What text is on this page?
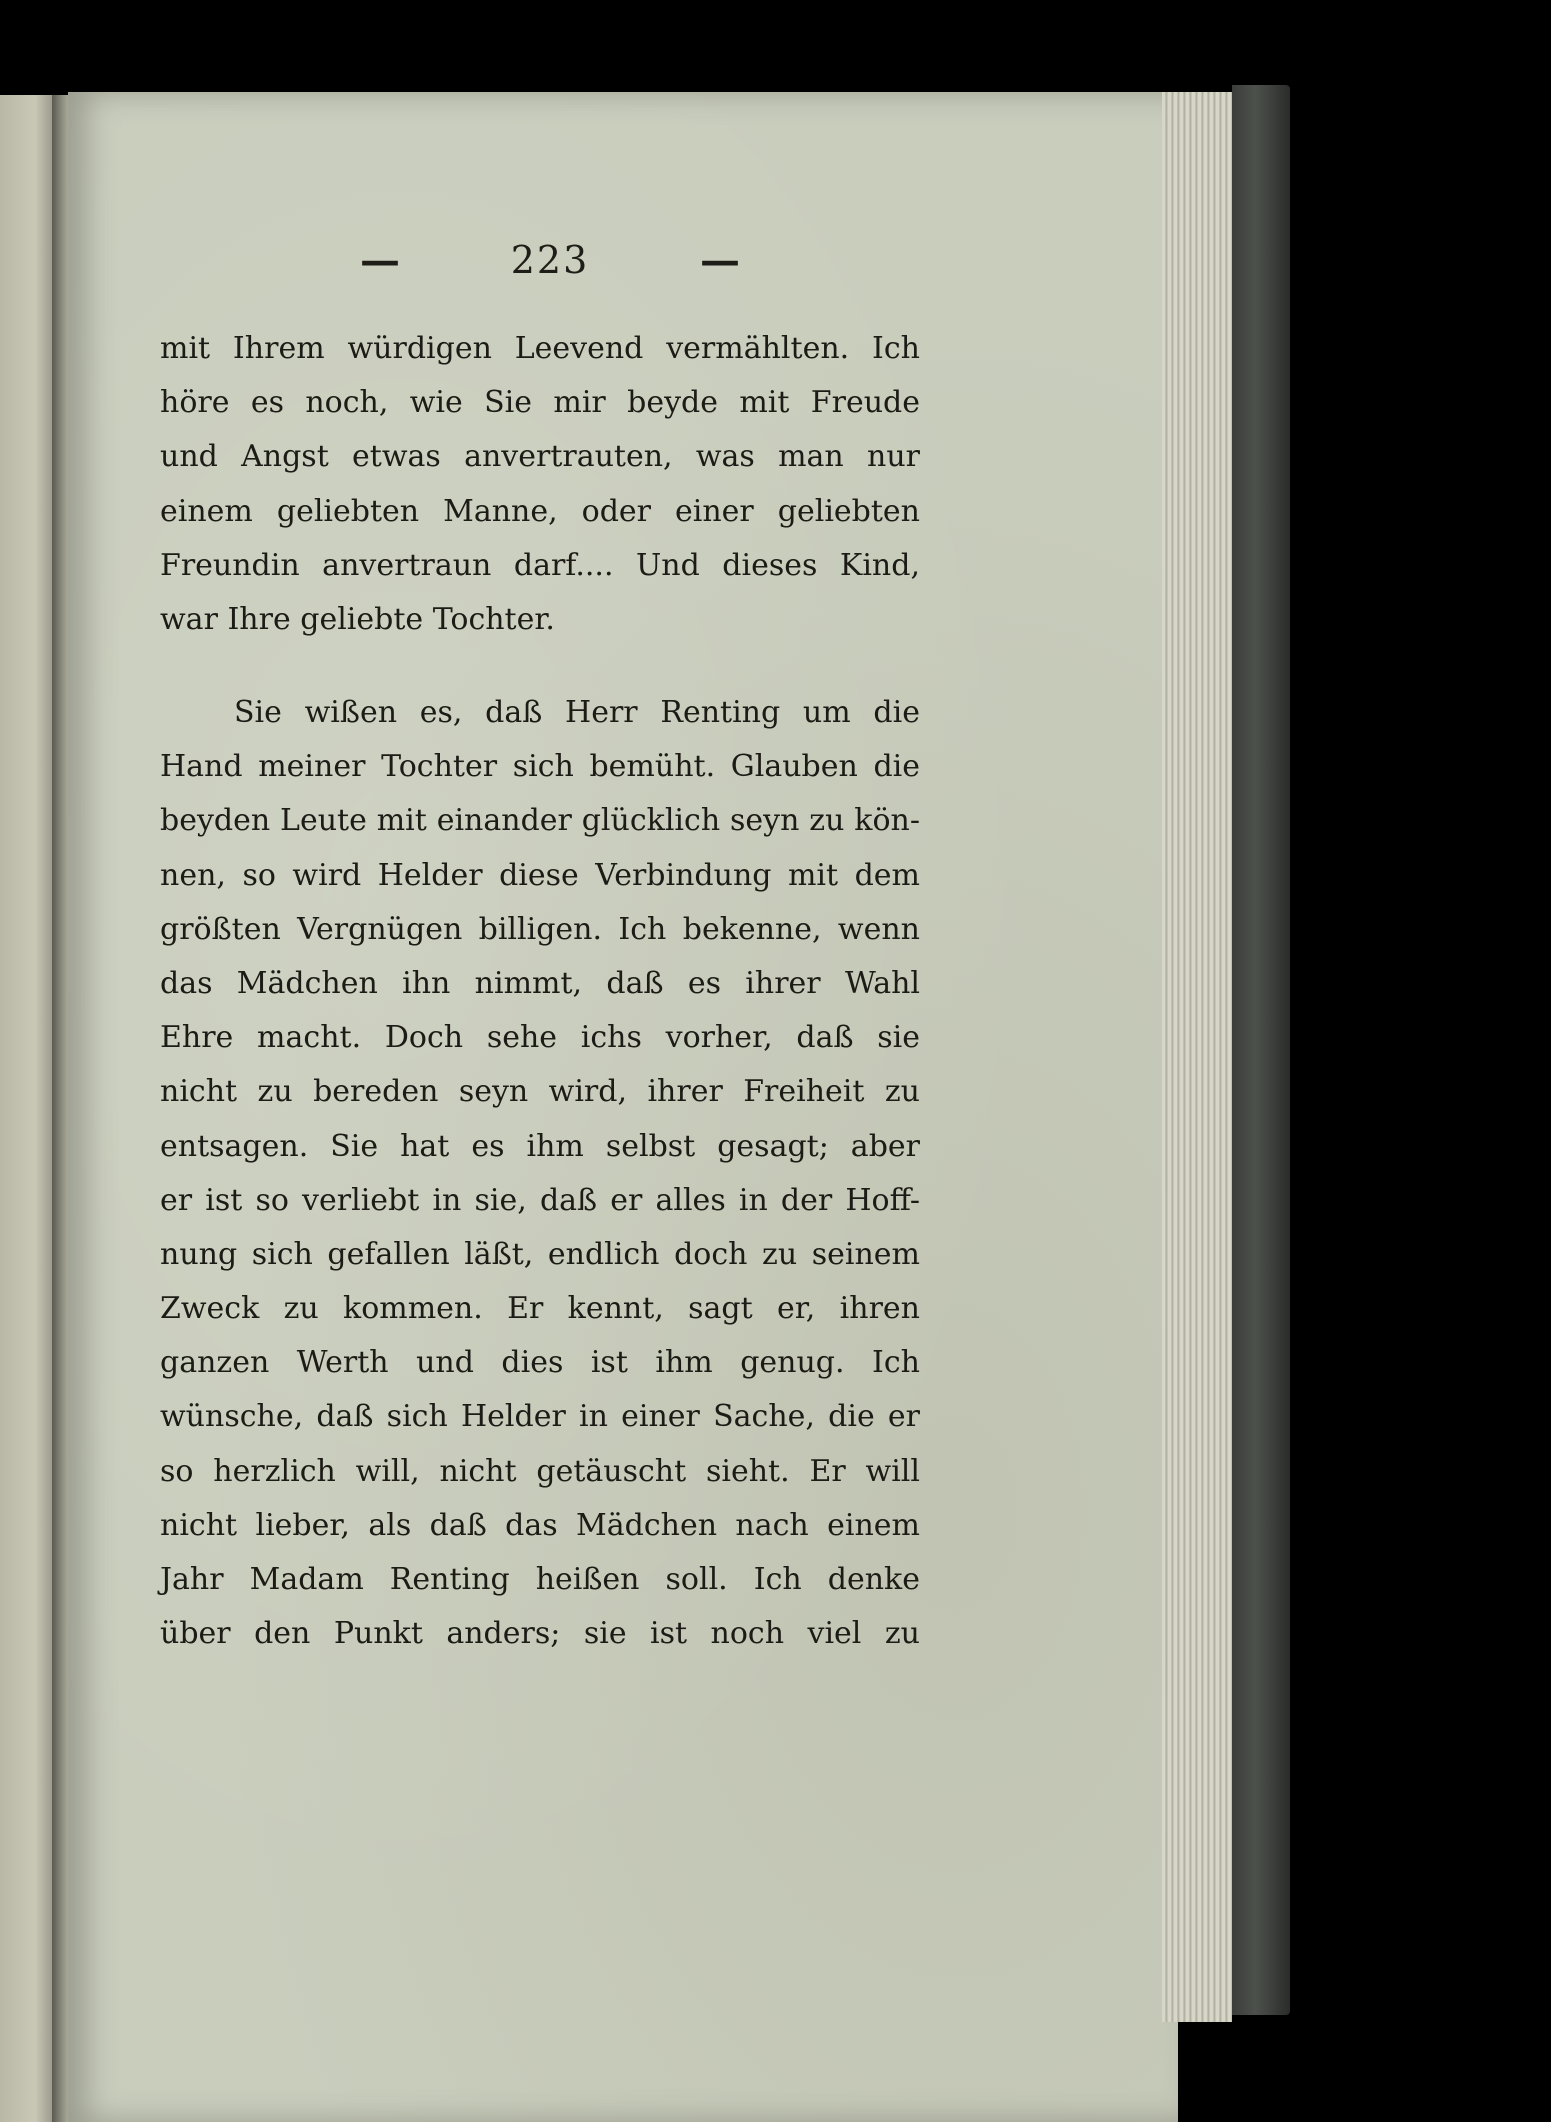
—	223	—
mit Ihrem würdigen Leevend vermählten. Ich
höre es noch, wie Sie mir beyde mit Freude
und Angst etwas anvertrauten, was man nur
einem geliebten Manne, oder einer geliebten
Freundin anvertraun darf.... Und dieses Kind,
war Ihre geliebte Tochter.
Sie wißen es, daß Herr Renting um die
Hand meiner Tochter sich bemüht. Glauben die
beyden Leute mit einander glücklich seyn zu kön-
nen, so wird Helder diese Verbindung mit dem
größten Vergnügen billigen. Ich bekenne, wenn
das Mädchen ihn nimmt, daß es ihrer Wahl
Ehre macht. Doch sehe ichs vorher, daß sie
nicht zu bereden seyn wird, ihrer Freiheit zu
entsagen. Sie hat es ihm selbst gesagt; aber
er ist so verliebt in sie, daß er alles in der Hoff-
nung sich gefallen läßt, endlich doch zu seinem
Zweck zu kommen. Er kennt, sagt er, ihren
ganzen Werth und dies ist ihm genug. Ich
wünsche, daß sich Helder in einer Sache, die er
so herzlich will, nicht getäuscht sieht. Er will
nicht lieber, als daß das Mädchen nach einem
Jahr Madam Renting heißen soll. Ich denke
über den Punkt anders; sie ist noch viel zu
